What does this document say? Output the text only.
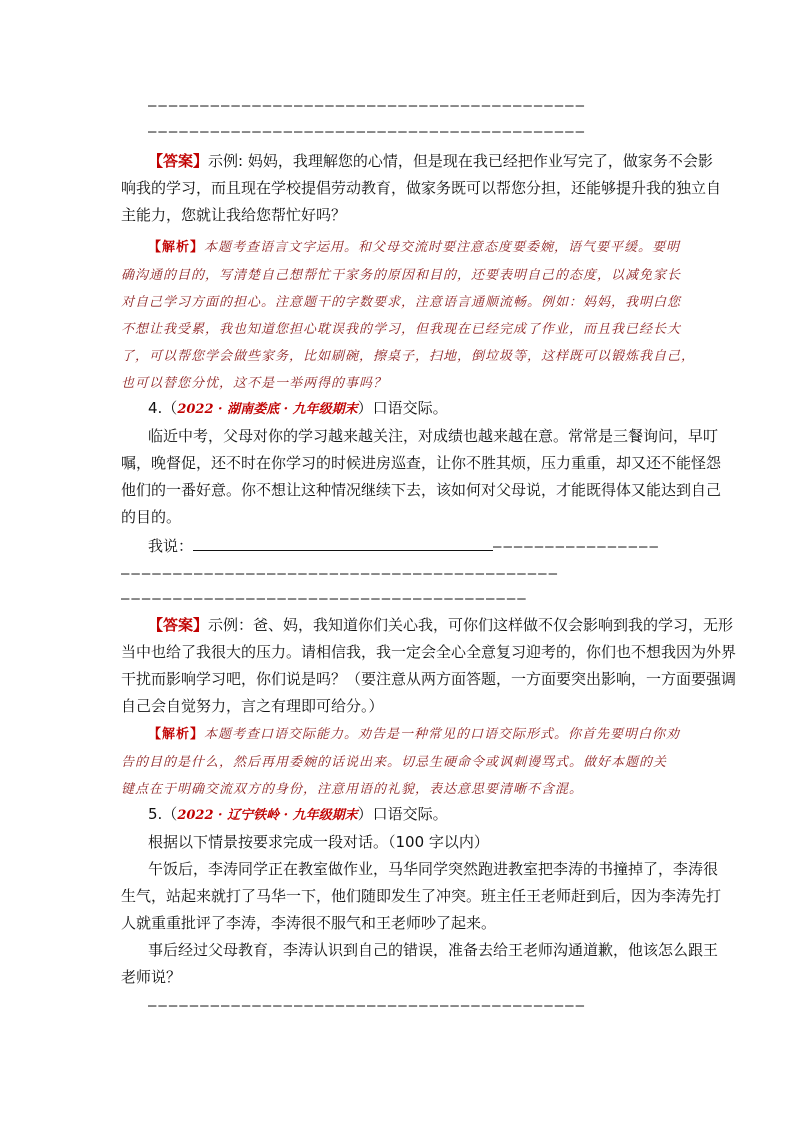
——————————————————————————————————————————
——————————————————————————————————————————
【答案】示例: 妈妈，我理解您的心情，但是现在我已经把作业写完了，做家务不会影
响我的学习，而且现在学校提倡劳动教育，做家务既可以帮您分担，还能够提升我的独立自
主能力，您就让我给您帮忙好吗？
【解析】本题考查语言文字运用。和父母交流时要注意态度要委婉，语气要平缓。要明
确沟通的目的，写清楚自己想帮忙干家务的原因和目的，还要表明自己的态度，以减免家长
对自己学习方面的担心。注意题干的字数要求，注意语言通顺流畅。例如：妈妈，我明白您
不想让我受累，我也知道您担心耽误我的学习，但我现在已经完成了作业，而且我已经长大
了，可以帮您学会做些家务，比如刷碗，擦桌子，扫地，倒垃圾等，这样既可以锻炼我自己，
也可以替您分忧，这不是一举两得的事吗？
4.（2022 · 湖南娄底 · 九年级期末）口语交际。
临近中考，父母对你的学习越来越关注，对成绩也越来越在意。常常是三餐询问，早叮
嘱，晚督促，还不时在你学习的时候进房巡查，让你不胜其烦，压力重重，却又还不能怪怨
他们的一番好意。你不想让这种情况继续下去，该如何对父母说，才能既得体又能达到自己
的目的。
我说：	————————————————
——————————————————————————————————————————
———————————————————————————————————————
【答案】示例：爸、妈，我知道你们关心我，可你们这样做不仅会影响到我的学习，无形
当中也给了我很大的压力。请相信我，我一定会全心全意复习迎考的，你们也不想我因为外界
干扰而影响学习吧，你们说是吗？（要注意从两方面答题，一方面要突出影响，一方面要强调
自己会自觉努力，言之有理即可给分。）
【解析】本题考查口语交际能力。劝告是一种常见的口语交际形式。你首先要明白你劝
告的目的是什么，然后再用委婉的话说出来。切忌生硬命令或讽刺谩骂式。做好本题的关
键点在于明确交流双方的身份，注意用语的礼貌，表达意思要清晰不含混。
5.（2022 · 辽宁铁岭 · 九年级期末）口语交际。
根据以下情景按要求完成一段对话。（100 字以内）
午饭后，李涛同学正在教室做作业，马华同学突然跑进教室把李涛的书撞掉了，李涛很
生气，站起来就打了马华一下，他们随即发生了冲突。班主任王老师赶到后，因为李涛先打
人就重重批评了李涛，李涛很不服气和王老师吵了起来。
事后经过父母教育，李涛认识到自己的错误，准备去给王老师沟通道歉，他该怎么跟王
老师说？
——————————————————————————————————————————
